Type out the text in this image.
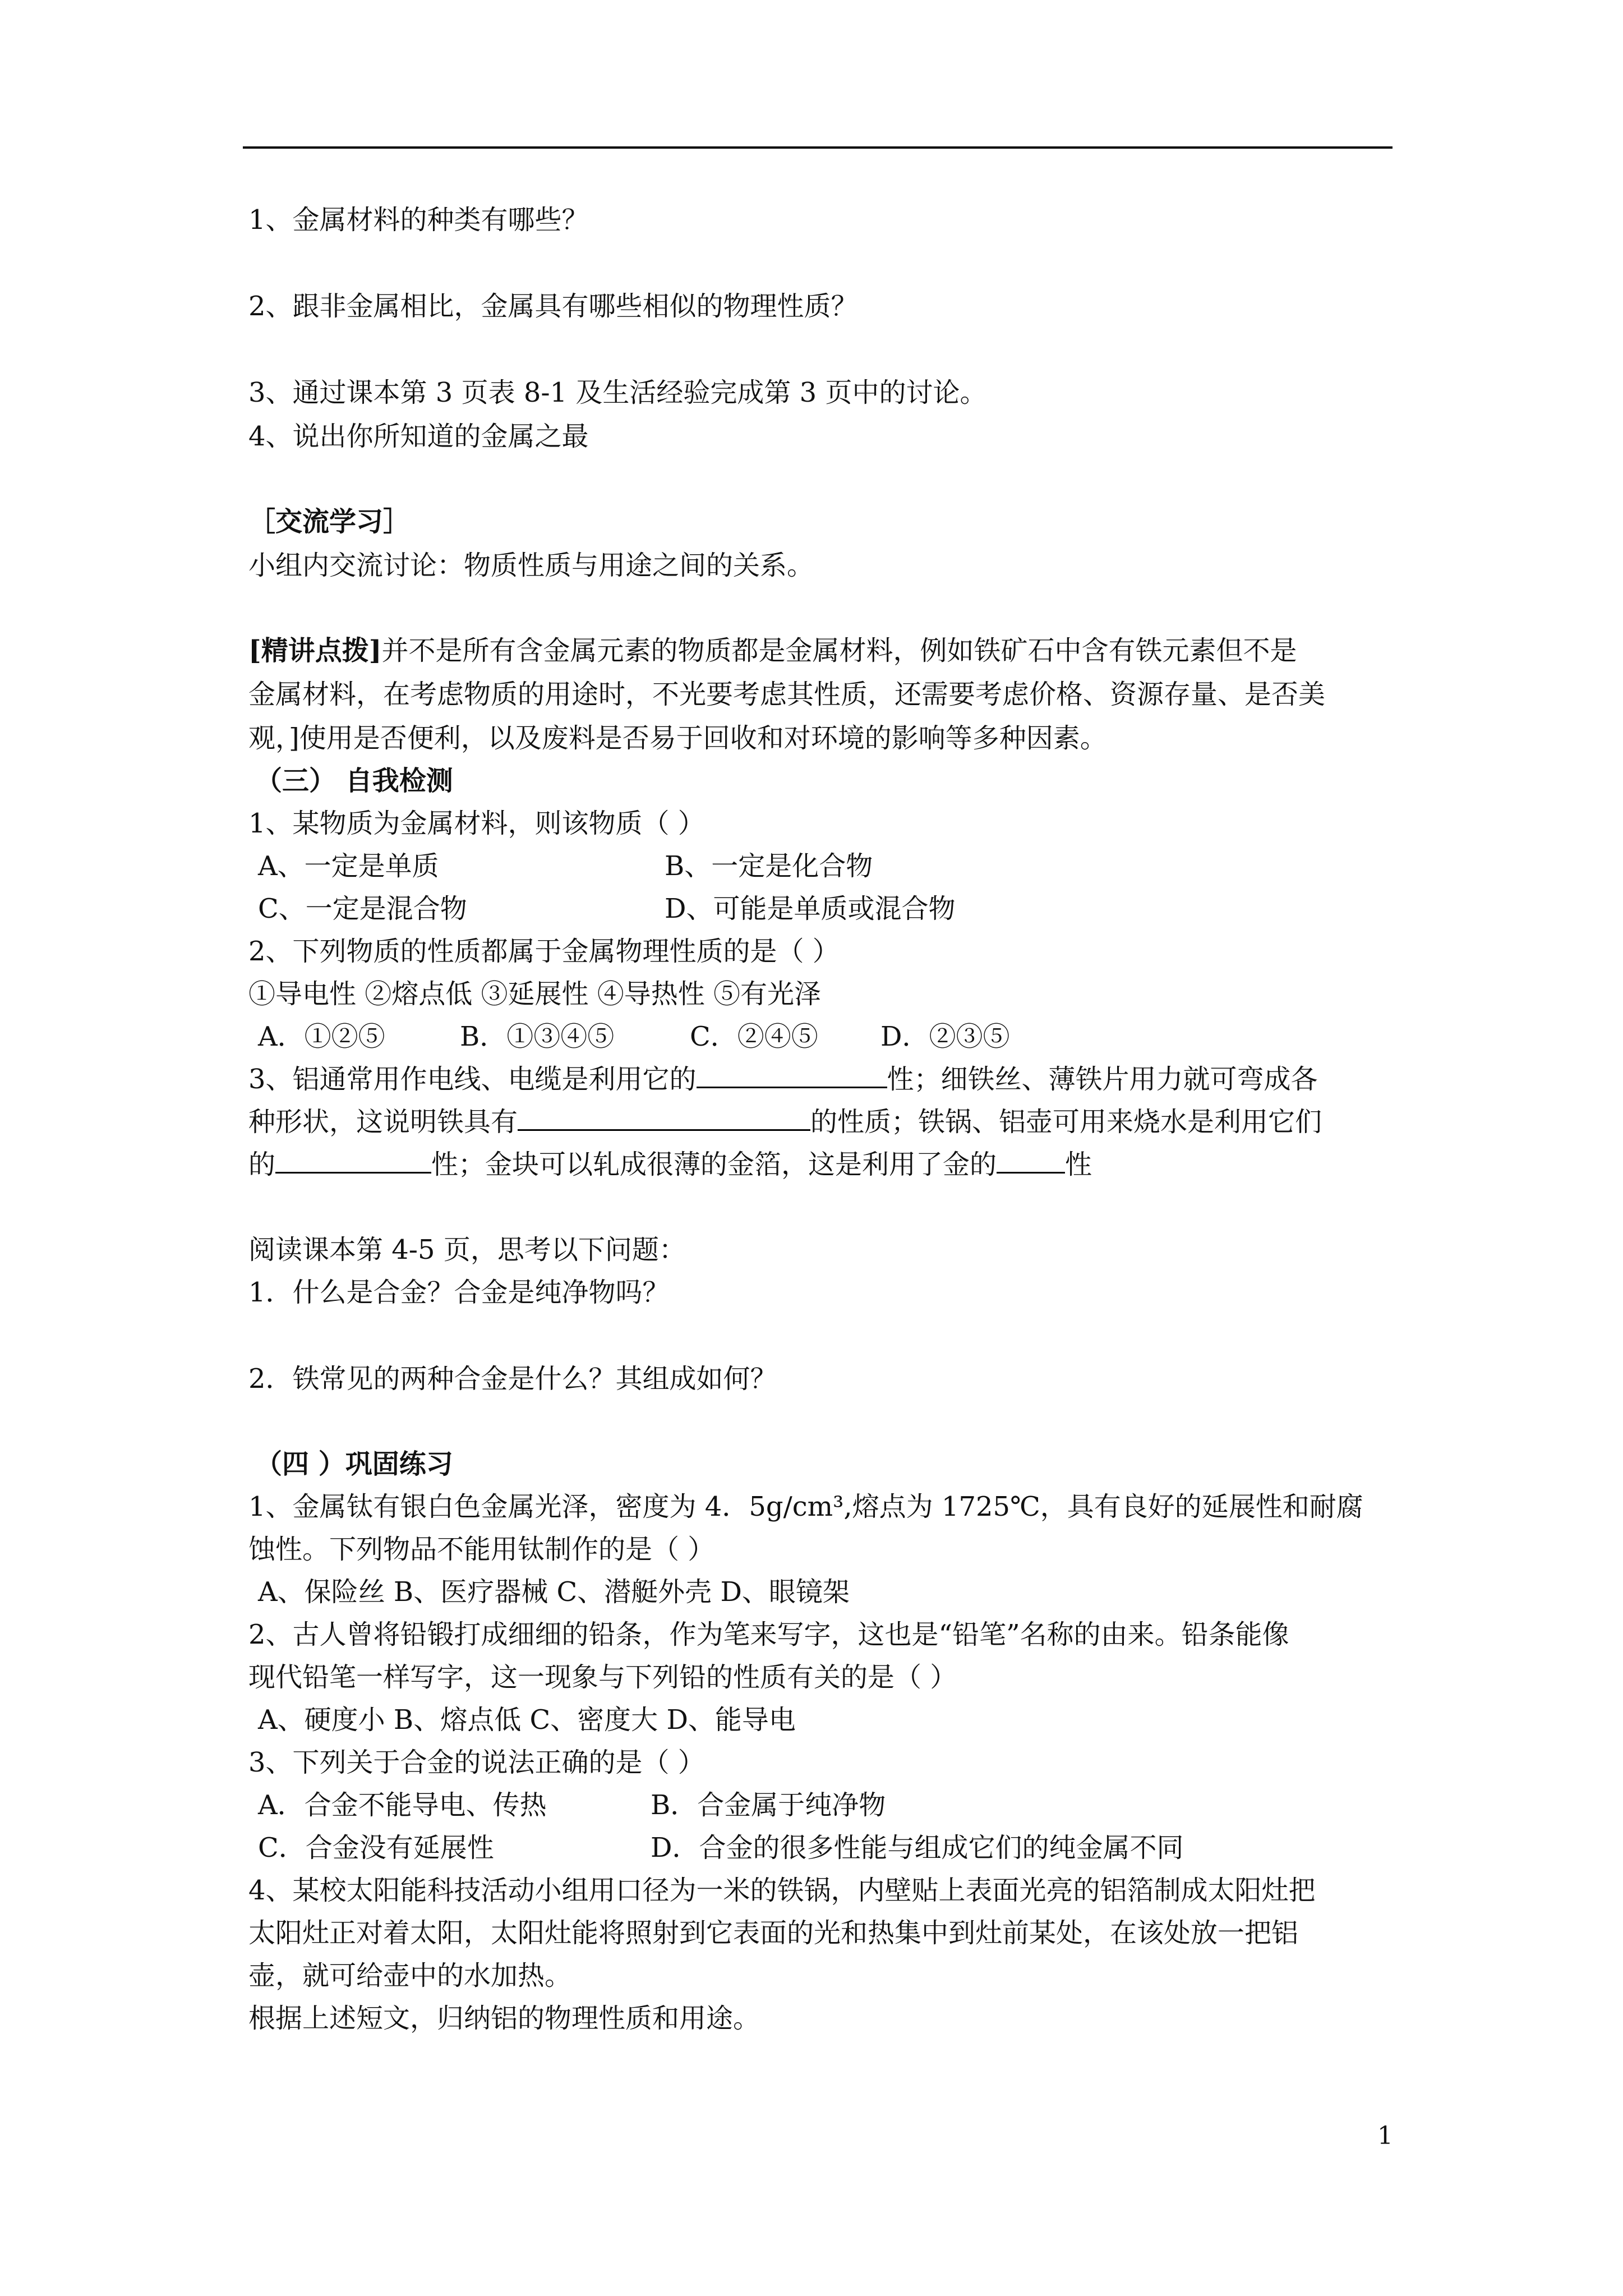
1、金属材料的种类有哪些？
2、跟非金属相比，金属具有哪些相似的物理性质？
3、通过课本第 3 页表 8-1 及生活经验完成第 3 页中的讨论。
4、说出你所知道的金属之最
［交流学习］
小组内交流讨论：物质性质与用途之间的关系。
[精讲点拨]并不是所有含金属元素的物质都是金属材料，例如铁矿石中含有铁元素但不是
金属材料，在考虑物质的用途时，不光要考虑其性质，还需要考虑价格、资源存量、是否美
观，]使用是否便利，以及废料是否易于回收和对环境的影响等多种因素。
（三） 自我检测
1、某物质为金属材料，则该物质（ ）
A、一定是单质	B、一定是化合物
C、一定是混合物	D、可能是单质或混合物
2、下列物质的性质都属于金属物理性质的是（ ）
①导电性 ②熔点低 ③延展性 ④导热性 ⑤有光泽
A．①②⑤	B．①③④⑤	C．②④⑤ D．②③⑤
3、铝通常用作电线、电缆是利用它的	性；细铁丝、薄铁片用力就可弯成各
种形状，这说明铁具有	的性质；铁锅、铝壶可用来烧水是利用它们
的	性；金块可以轧成很薄的金箔，这是利用了金的	性
阅读课本第 4-5 页，思考以下问题：
1．什么是合金？合金是纯净物吗？
2．铁常见的两种合金是什么？其组成如何？
（四 ）巩固练习
1、金属钛有银白色金属光泽，密度为 4．5g/cm³,熔点为 1725℃，具有良好的延展性和耐腐
蚀性。下列物品不能用钛制作的是（ ）
A、保险丝 B、医疗器械 C、潜艇外壳 D、眼镜架
2、古人曾将铅锻打成细细的铅条，作为笔来写字，这也是“铅笔”名称的由来。铅条能像
现代铅笔一样写字，这一现象与下列铅的性质有关的是（ ）
A、硬度小 B、熔点低 C、密度大 D、能导电
3、下列关于合金的说法正确的是（ ）
A．合金不能导电、传热	B．合金属于纯净物
C．合金没有延展性	D．合金的很多性能与组成它们的纯金属不同
4、某校太阳能科技活动小组用口径为一米的铁锅，内壁贴上表面光亮的铝箔制成太阳灶把
太阳灶正对着太阳，太阳灶能将照射到它表面的光和热集中到灶前某处，在该处放一把铝
壶，就可给壶中的水加热。
根据上述短文，归纳铝的物理性质和用途。
1
